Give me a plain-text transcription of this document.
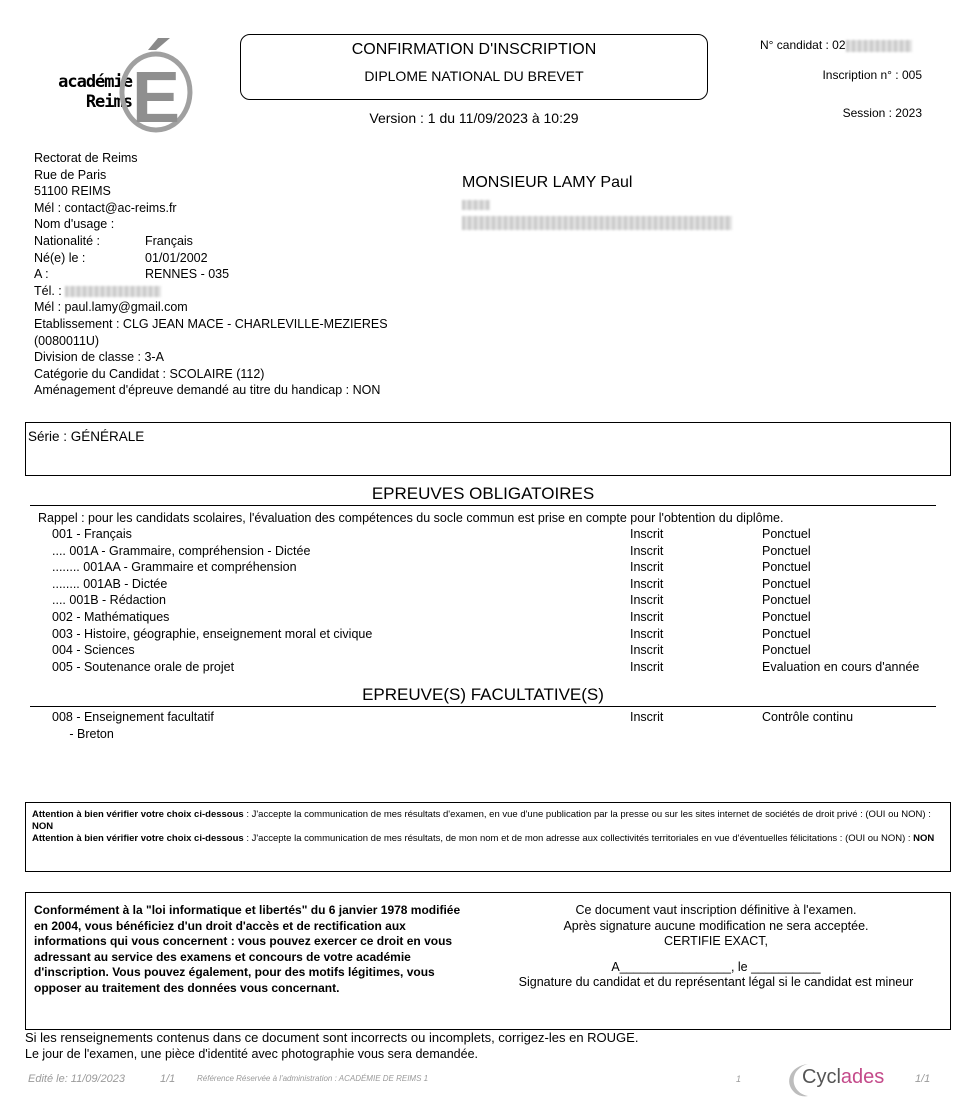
académie
Reims E
CONFIRMATION D'INSCRIPTION
DIPLOME NATIONAL DU BREVET
Version : 1 du 11/09/2023 à 10:29
N° candidat : 02
Inscription n° : 005
Session : 2023
Rectorat de Reims
Rue de Paris
51100 REIMS
Mél : contact@ac-reims.fr
Nom d'usage :
Nationalité :	Français
Né(e) le :	01/01/2002
A :	RENNES - 035
Tél. :
Mél : paul.lamy@gmail.com
Etablissement : CLG JEAN MACE - CHARLEVILLE-MEZIERES
(0080011U)
Division de classe : 3-A
Catégorie du Candidat : SCOLAIRE (112)
Aménagement d'épreuve demandé au titre du handicap : NON
MONSIEUR LAMY Paul
Série : GÉNÉRALE
EPREUVES OBLIGATOIRES
Rappel : pour les candidats scolaires, l'évaluation des compétences du socle commun est prise en compte pour l'obtention du diplôme.
001 - Français	Inscrit	Ponctuel
.... 001A - Grammaire, compréhension - Dictée	Inscrit	Ponctuel
........ 001AA - Grammaire et compréhension	Inscrit	Ponctuel
........ 001AB - Dictée	Inscrit	Ponctuel
.... 001B - Rédaction	Inscrit	Ponctuel
002 - Mathématiques	Inscrit	Ponctuel
003 - Histoire, géographie, enseignement moral et civique	Inscrit	Ponctuel
004 - Sciences	Inscrit	Ponctuel
005 - Soutenance orale de projet	Inscrit	Evaluation en cours d'année
EPREUVE(S) FACULTATIVE(S)
008 - Enseignement facultatif	Inscrit	Contrôle continu
- Breton
Attention à bien vérifier votre choix ci-dessous : J'accepte la communication de mes résultats d'examen, en vue d'une publication par la presse ou sur les sites internet de sociétés de droit privé : (OUI ou NON) : NON
Attention à bien vérifier votre choix ci-dessous : J'accepte la communication de mes résultats, de mon nom et de mon adresse aux collectivités territoriales en vue d'éventuelles félicitations : (OUI ou NON) : NON
Conformément à la "loi informatique et libertés" du 6 janvier 1978 modifiée en 2004, vous bénéficiez d'un droit d'accès et de rectification aux informations qui vous concernent : vous pouvez exercer ce droit en vous adressant au service des examens et concours de votre académie d'inscription. Vous pouvez également, pour des motifs légitimes, vous opposer au traitement des données vous concernant.
Ce document vaut inscription définitive à l'examen.
Après signature aucune modification ne sera acceptée.
CERTIFIE EXACT,
A________________, le __________
Signature du candidat et du représentant légal si le candidat est mineur
Si les renseignements contenus dans ce document sont incorrects ou incomplets, corrigez-les en ROUGE.
Le jour de l'examen, une pièce d'identité avec photographie vous sera demandée.
Edité le: 11/09/2023	1/1	Référence Réservée à l'administration : ACADÉMIE DE REIMS 1	1	Cyclades	1/1
